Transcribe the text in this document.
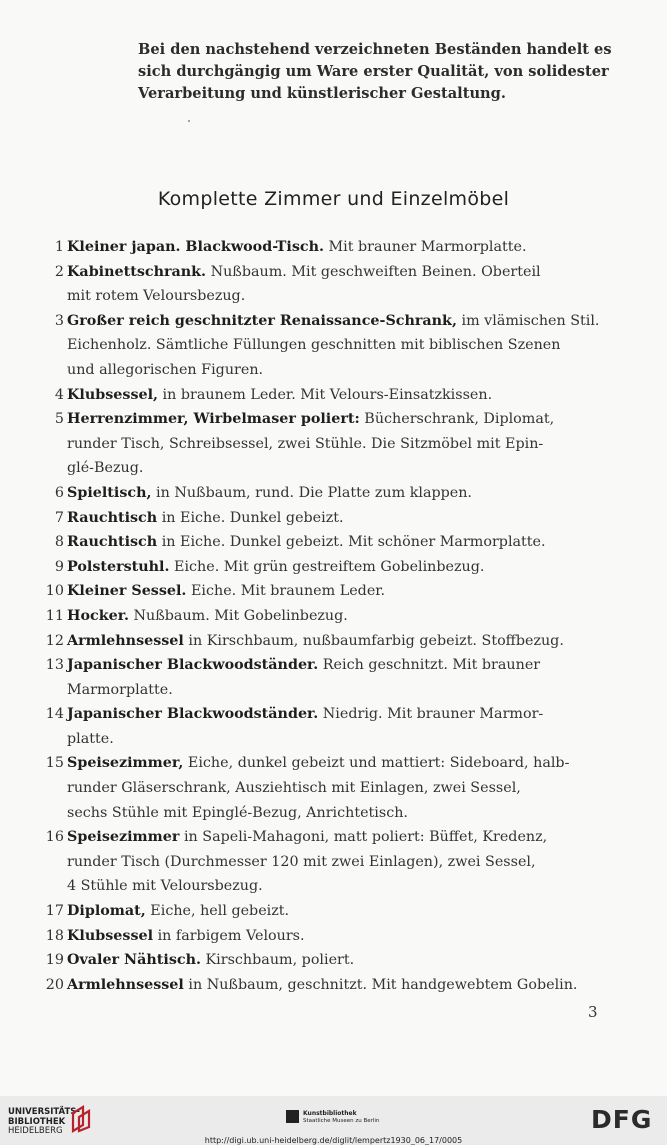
Bei den nachstehend verzeichneten Beständen handelt es
sich durchgängig um Ware erster Qualität, von solidester
Verarbeitung und künstlerischer Gestaltung.
Komplette Zimmer und Einzelmöbel
1 Kleiner japan. Blackwood-Tisch. Mit brauner Marmorplatte.
2 Kabinettschrank. Nußbaum. Mit geschweiften Beinen. Oberteil
mit rotem Veloursbezug.
3 Großer reich geschnitzter Renaissance-Schrank, im vlämischen Stil.
Eichenholz. Sämtliche Füllungen geschnitten mit biblischen Szenen
und allegorischen Figuren.
4 Klubsessel, in braunem Leder. Mit Velours-Einsatzkissen.
5 Herrenzimmer, Wirbelmaser poliert: Bücherschrank, Diplomat,
runder Tisch, Schreibsessel, zwei Stühle. Die Sitzmöbel mit Epin-
glé-Bezug.
6 Spieltisch, in Nußbaum, rund. Die Platte zum klappen.
7 Rauchtisch in Eiche. Dunkel gebeizt.
8 Rauchtisch in Eiche. Dunkel gebeizt. Mit schöner Marmorplatte.
9 Polsterstuhl. Eiche. Mit grün gestreiftem Gobelinbezug.
10 Kleiner Sessel. Eiche. Mit braunem Leder.
11 Hocker. Nußbaum. Mit Gobelinbezug.
12 Armlehnsessel in Kirschbaum, nußbaumfarbig gebeizt. Stoffbezug.
13 Japanischer Blackwoodständer. Reich geschnitzt. Mit brauner
Marmorplatte.
14 Japanischer Blackwoodständer. Niedrig. Mit brauner Marmor-
platte.
15 Speisezimmer, Eiche, dunkel gebeizt und mattiert: Sideboard, halb-
runder Gläserschrank, Ausziehtisch mit Einlagen, zwei Sessel,
sechs Stühle mit Epinglé-Bezug, Anrichtetisch.
16 Speisezimmer in Sapeli-Mahagoni, matt poliert: Büffet, Kredenz,
runder Tisch (Durchmesser 120 mit zwei Einlagen), zwei Sessel,
4 Stühle mit Veloursbezug.
17 Diplomat, Eiche, hell gebeizt.
18 Klubsessel in farbigem Velours.
19 Ovaler Nähtisch. Kirschbaum, poliert.
20 Armlehnsessel in Nußbaum, geschnitzt. Mit handgewebtem Gobelin.
3
UNIVERSITÄTS-
BIBLIOTHEK
HEIDELBERG
Kunstbibliothek
Staatliche Museen zu Berlin	DFG
http://digi.ub.uni-heidelberg.de/diglit/lempertz1930_06_17/0005
